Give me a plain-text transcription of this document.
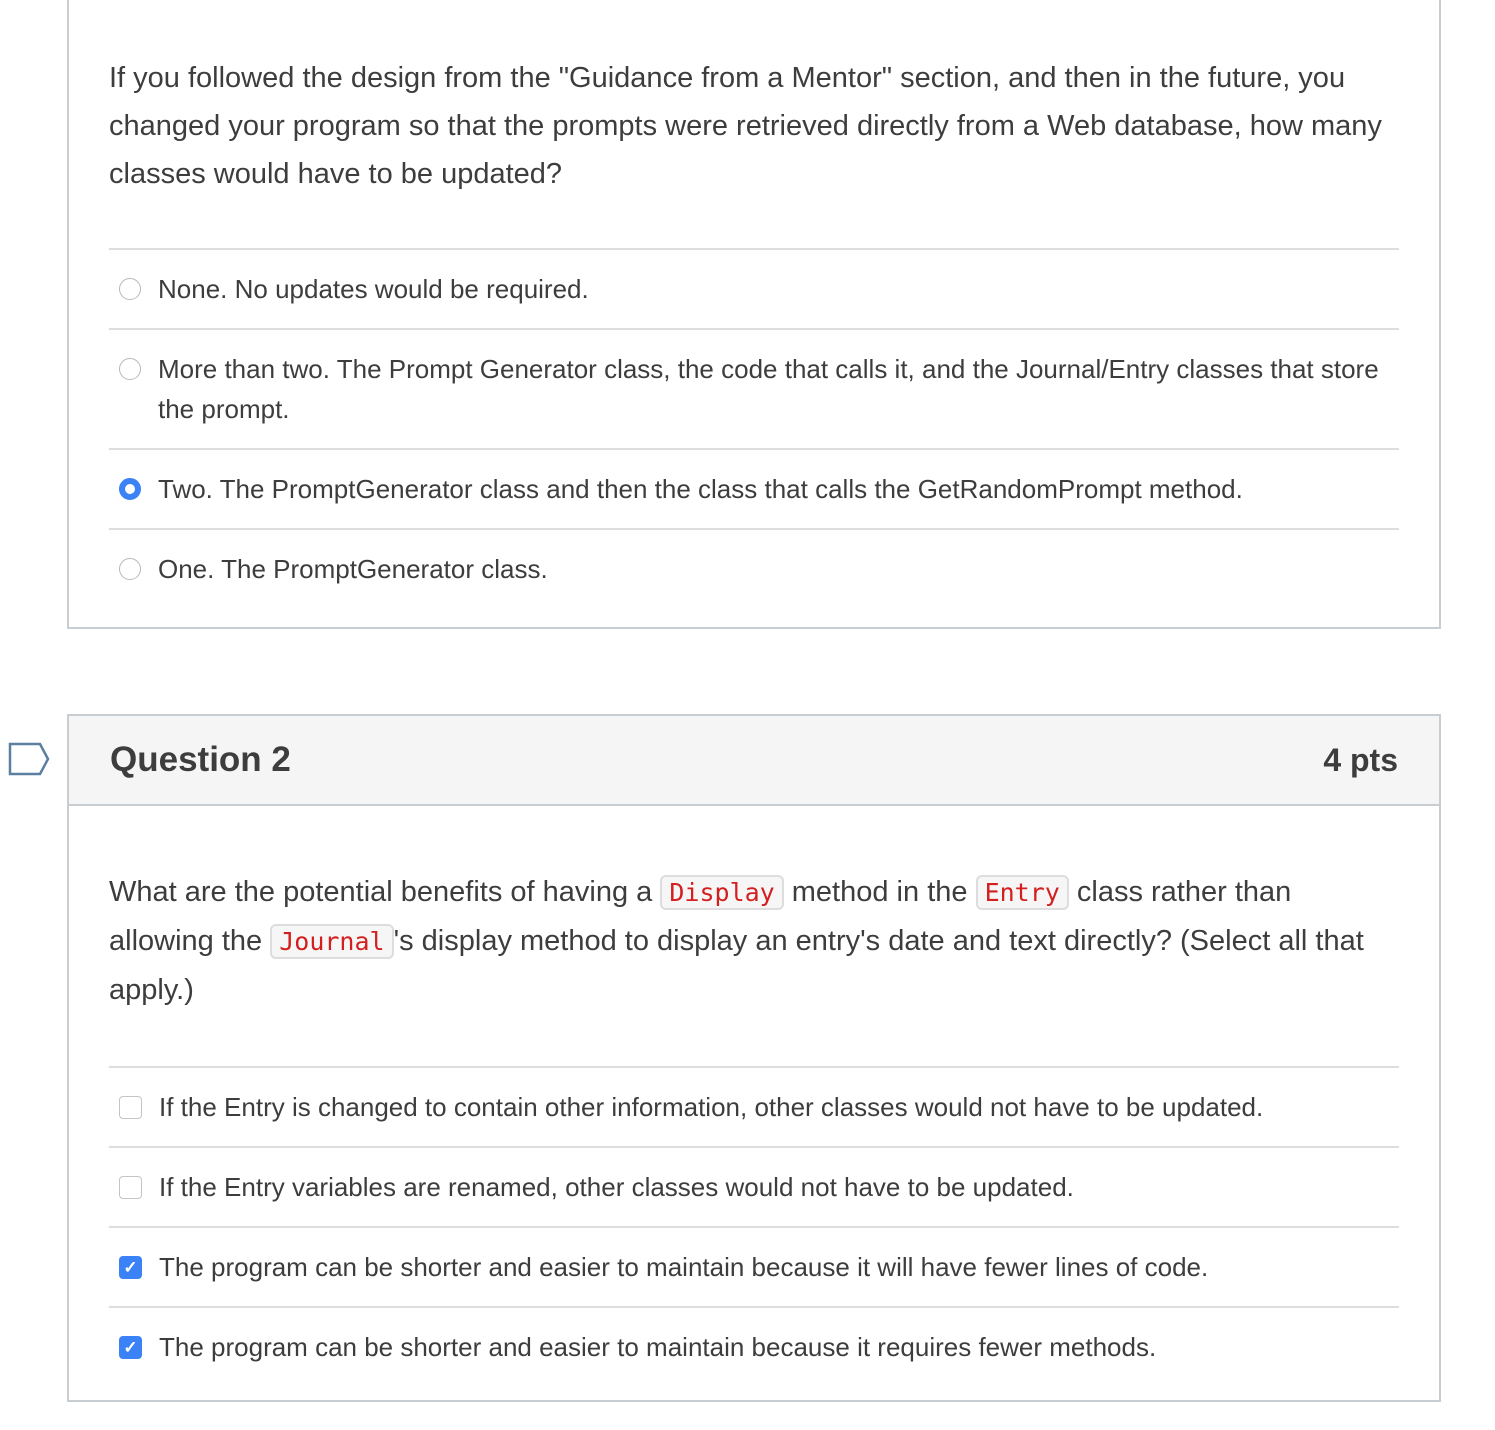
If you followed the design from the "Guidance from a Mentor" section, and then in the future, you changed your program so that the prompts were retrieved directly from a Web database, how many classes would have to be updated?
None. No updates would be required.
More than two. The Prompt Generator class, the code that calls it, and the Journal/Entry classes that store the prompt.
Two. The PromptGenerator class and then the class that calls the GetRandomPrompt method.
One. The PromptGenerator class.
Question 2	4 pts
What are the potential benefits of having a Display method in the Entry class rather than allowing the Journal 's display method to display an entry's date and text directly? (Select all that apply.)
If the Entry is changed to contain other information, other classes would not have to be updated.
If the Entry variables are renamed, other classes would not have to be updated.
✓ The program can be shorter and easier to maintain because it will have fewer lines of code.
✓ The program can be shorter and easier to maintain because it requires fewer methods.
